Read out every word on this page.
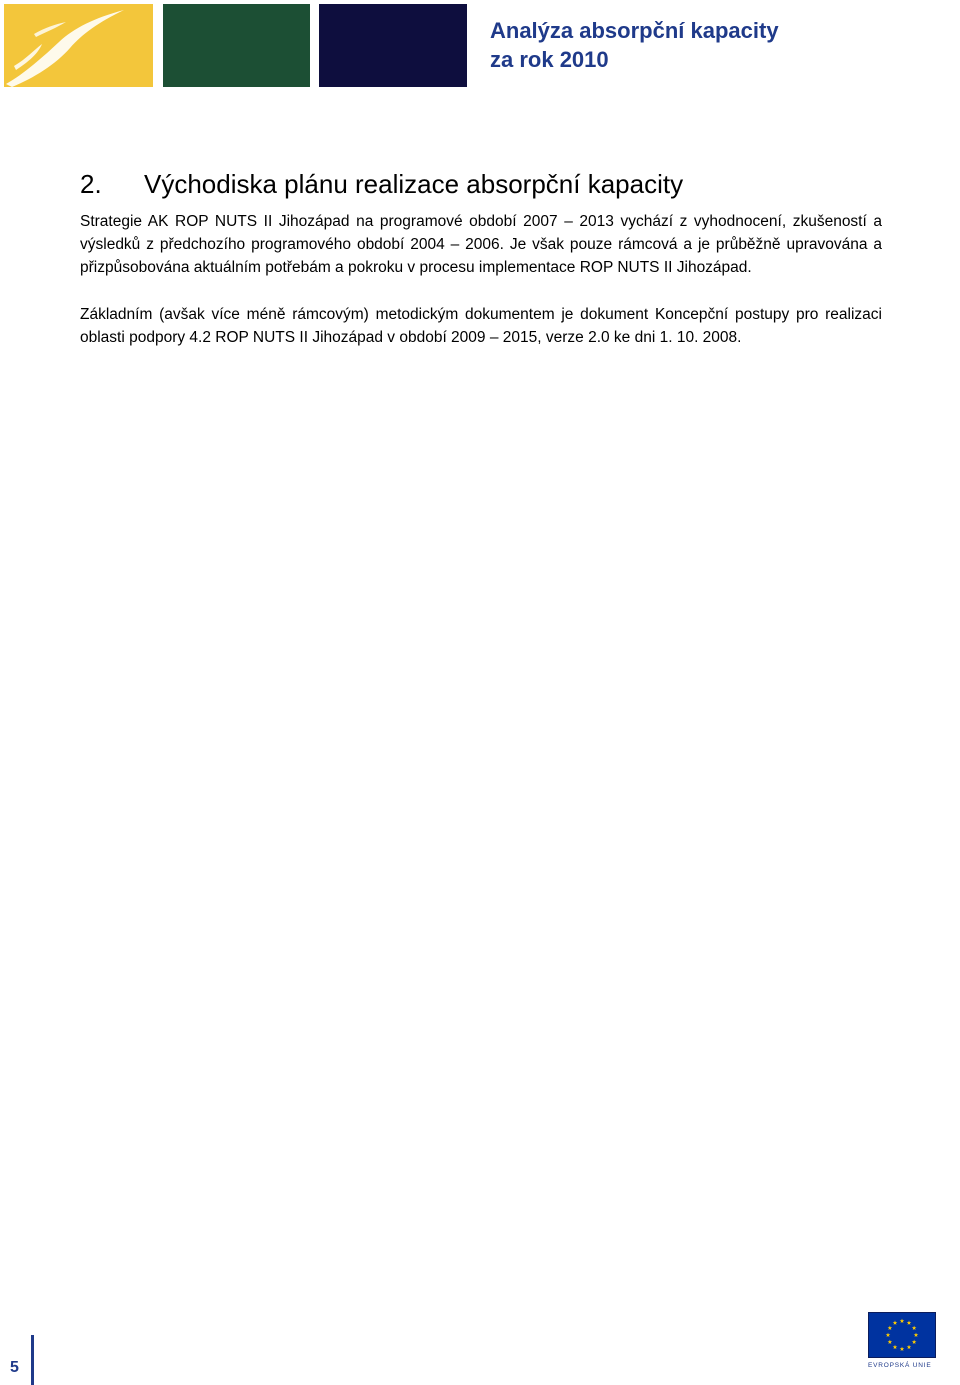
Analýza absorpční kapacity
za rok 2010
2. Východiska plánu realizace absorpční kapacity

Strategie AK ROP NUTS II Jihozápad na programové období 2007 – 2013 vychází z vyhodnocení, zkušeností a výsledků z předchozího programového období 2004 – 2006. Je však pouze rámcová a je průběžně upravována a přizpůsobována aktuálním potřebám a pokroku v procesu implementace ROP NUTS II Jihozápad.

Základním (avšak více méně rámcovým) metodickým dokumentem je dokument Koncepční postupy pro realizaci oblasti podpory 4.2 ROP NUTS II Jihozápad v období 2009 – 2015, verze 2.0 ke dni 1. 10. 2008.

5	EVROPSKÁ UNIE
